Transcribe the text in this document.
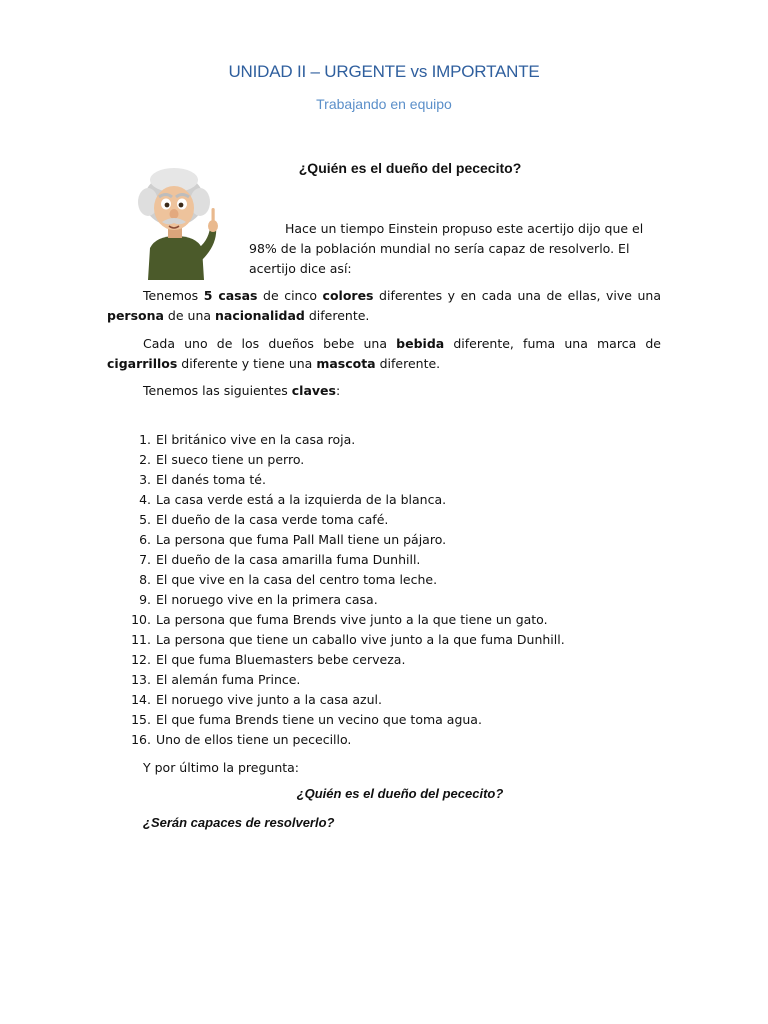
UNIDAD II – URGENTE vs IMPORTANTE
Trabajando en equipo
¿Quién es el dueño del pececito?
Hace un tiempo Einstein propuso este acertijo dijo que el
98% de la población mundial no sería capaz de resolverlo. El
acertijo dice así:
Tenemos 5 casas de cinco colores diferentes y en cada una de ellas, vive una persona de una nacionalidad diferente.
Cada uno de los dueños bebe una bebida diferente, fuma una marca de cigarrillos diferente y tiene una mascota diferente.
Tenemos las siguientes claves:
1. El británico vive en la casa roja.
2. El sueco tiene un perro.
3. El danés toma té.
4. La casa verde está a la izquierda de la blanca.
5. El dueño de la casa verde toma café.
6. La persona que fuma Pall Mall tiene un pájaro.
7. El dueño de la casa amarilla fuma Dunhill.
8. El que vive en la casa del centro toma leche.
9. El noruego vive en la primera casa.
10. La persona que fuma Brends vive junto a la que tiene un gato.
11. La persona que tiene un caballo vive junto a la que fuma Dunhill.
12. El que fuma Bluemasters bebe cerveza.
13. El alemán fuma Prince.
14. El noruego vive junto a la casa azul.
15. El que fuma Brends tiene un vecino que toma agua.
16. Uno de ellos tiene un pececillo.
Y por último la pregunta:
¿Quién es el dueño del pececito?
¿Serán capaces de resolverlo?
